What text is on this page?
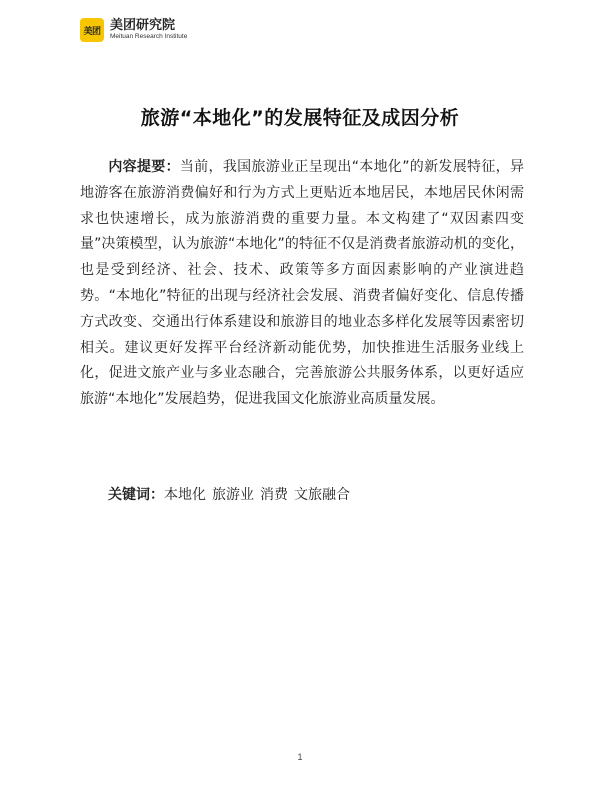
美团 美团研究院
Meituan Research Institute
旅游“本地化”的发展特征及成因分析

内容提要：当前，我国旅游业正呈现出“本地化”的新发展特征，异地游客在旅游消费偏好和行为方式上更贴近本地居民，本地居民休闲需求也快速增长，成为旅游消费的重要力量。本文构建了“双因素四变量”决策模型，认为旅游“本地化”的特征不仅是消费者旅游动机的变化，也是受到经济、社会、技术、政策等多方面因素影响的产业演进趋势。“本地化”特征的出现与经济社会发展、消费者偏好变化、信息传播方式改变、交通出行体系建设和旅游目的地业态多样化发展等因素密切相关。建议更好发挥平台经济新动能优势，加快推进生活服务业线上化，促进文旅产业与多业态融合，完善旅游公共服务体系，以更好适应旅游“本地化”发展趋势，促进我国文化旅游业高质量发展。

关键词：本地化 旅游业 消费 文旅融合
1
